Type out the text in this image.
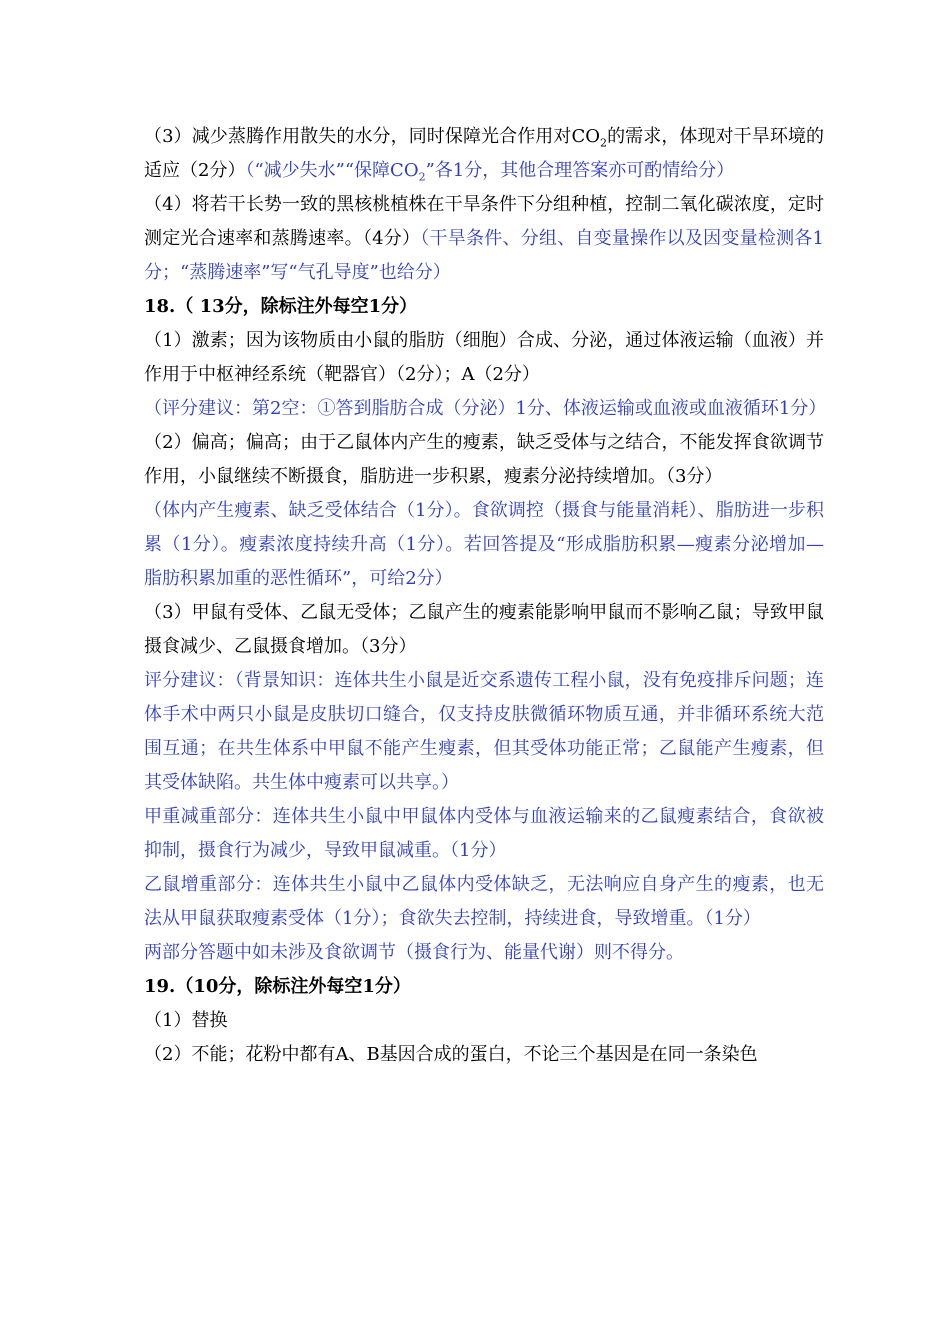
（3）减少蒸腾作用散失的水分，同时保障光合作用对$CO_2$的需求，体现对干旱环境的适应（2分）（“减少失水”“保障$CO_2$”各1分，其他合理答案亦可酌情给分）

（4）将若干长势一致的黑核桃植株在干旱条件下分组种植，控制二氧化碳浓度，定时测定光合速率和蒸腾速率。（4分）（干旱条件、分组、自变量操作以及因变量检测各1分；“蒸腾速率”写“气孔导度”也给分）

18.（ 13分，除标注外每空1分）

（1）激素；因为该物质由小鼠的脂肪（细胞）合成、分泌，通过体液运输（血液）并作用于中枢神经系统（靶器官）（2分）；A（2分）

（评分建议：第2空：①答到脂肪合成（分泌）1分、体液运输或血液或血液循环1分）

（2）偏高；偏高；由于乙鼠体内产生的瘦素，缺乏受体与之结合，不能发挥食欲调节作用，小鼠继续不断摄食，脂肪进一步积累，瘦素分泌持续增加。（3分）

（体内产生瘦素、缺乏受体结合（1分）。食欲调控（摄食与能量消耗）、脂肪进一步积累（1分）。瘦素浓度持续升高（1分）。若回答提及“形成脂肪积累—瘦素分泌增加—脂肪积累加重的恶性循环”，可给2分）

（3）甲鼠有受体、乙鼠无受体；乙鼠产生的瘦素能影响甲鼠而不影响乙鼠；导致甲鼠摄食减少、乙鼠摄食增加。（3分）

评分建议：（背景知识：连体共生小鼠是近交系遗传工程小鼠，没有免疫排斥问题；连体手术中两只小鼠是皮肤切口缝合，仅支持皮肤微循环物质互通，并非循环系统大范围互通；在共生体系中甲鼠不能产生瘦素，但其受体功能正常；乙鼠能产生瘦素，但其受体缺陷。共生体中瘦素可以共享。）

甲重减重部分：连体共生小鼠中甲鼠体内受体与血液运输来的乙鼠瘦素结合，食欲被抑制，摄食行为减少，导致甲鼠减重。（1分）

乙鼠增重部分：连体共生小鼠中乙鼠体内受体缺乏，无法响应自身产生的瘦素，也无法从甲鼠获取瘦素受体（1分）；食欲失去控制，持续进食，导致增重。（1分）

两部分答题中如未涉及食欲调节（摄食行为、能量代谢）则不得分。

19.（10分，除标注外每空1分）

（1）替换

（2）不能；花粉中都有A、B基因合成的蛋白，不论三个基因是在同一条染色
